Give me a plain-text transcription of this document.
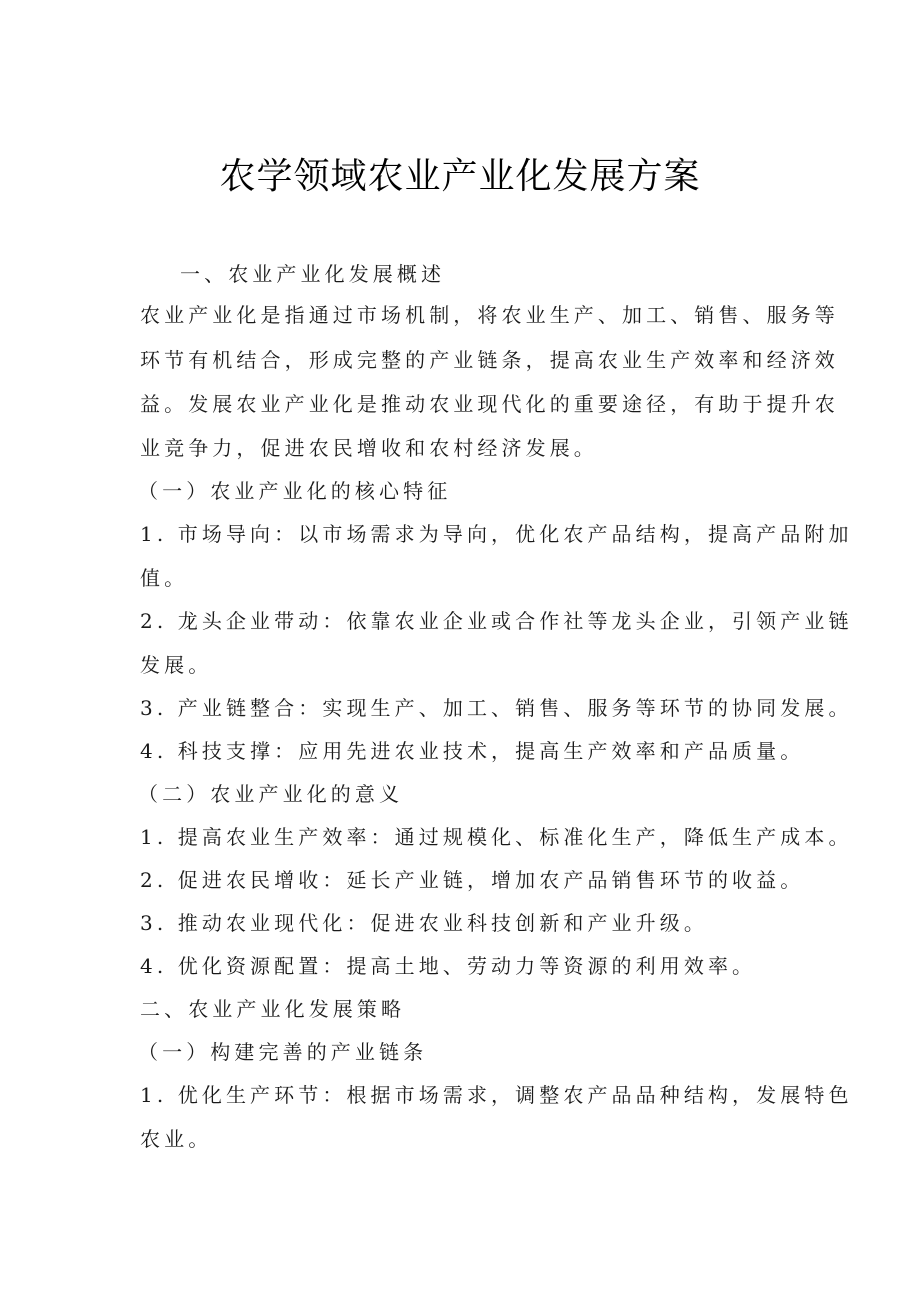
农学领域农业产业化发展方案
一、农业产业化发展概述
农业产业化是指通过市场机制，将农业生产、加工、销售、服务等
环节有机结合，形成完整的产业链条，提高农业生产效率和经济效
益。发展农业产业化是推动农业现代化的重要途径，有助于提升农
业竞争力，促进农民增收和农村经济发展。
（一）农业产业化的核心特征
1. 市场导向：以市场需求为导向，优化农产品结构，提高产品附加
值。
2. 龙头企业带动：依靠农业企业或合作社等龙头企业，引领产业链
发展。
3. 产业链整合：实现生产、加工、销售、服务等环节的协同发展。
4. 科技支撑：应用先进农业技术，提高生产效率和产品质量。
（二）农业产业化的意义
1. 提高农业生产效率：通过规模化、标准化生产，降低生产成本。
2. 促进农民增收：延长产业链，增加农产品销售环节的收益。
3. 推动农业现代化：促进农业科技创新和产业升级。
4. 优化资源配置：提高土地、劳动力等资源的利用效率。
二、农业产业化发展策略
（一）构建完善的产业链条
1. 优化生产环节：根据市场需求，调整农产品品种结构，发展特色
农业。
